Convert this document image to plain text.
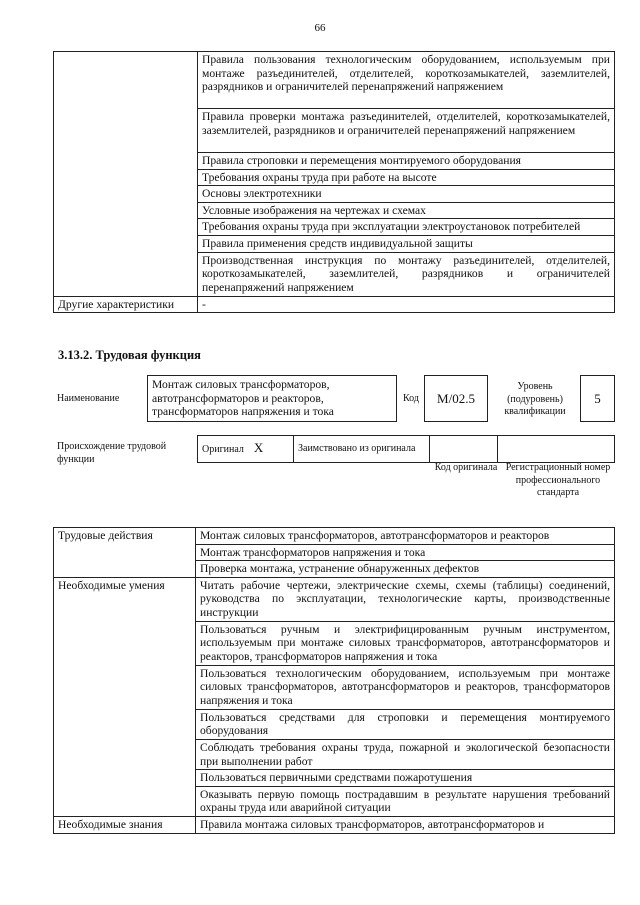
66
	Правила пользования технологическим оборудованием, используемым при монтаже разъединителей, отделителей, короткозамыкателей, заземлителей, разрядников и ограничителей перенапряжений напряжением
	Правила проверки монтажа разъединителей, отделителей, короткозамыкателей, заземлителей, разрядников и ограничителей перенапряжений напряжением
	Правила строповки и перемещения монтируемого оборудования
	Требования охраны труда при работе на высоте
	Основы электротехники
	Условные изображения на чертежах и схемах
	Требования охраны труда при эксплуатации электроустановок потребителей
	Правила применения средств индивидуальной защиты
	Производственная инструкция по монтажу разъединителей, отделителей, короткозамыкателей, заземлителей, разрядников и ограничителей перенапряжений напряжением
Другие характеристики	-
3.13.2. Трудовая функция
Наименование
Монтаж силовых трансформаторов, автотрансформаторов и реакторов, трансформаторов напряжения и тока
Код	М/02.5
Уровень (подуровень) квалификации
5
Происхождение трудовой функции
Оригинал X	Заимствовано из оригинала		
Код оригинала Регистрационный номер профессионального стандарта
Трудовые действия	Монтаж силовых трансформаторов, автотрансформаторов и реакторов
	Монтаж трансформаторов напряжения и тока
	Проверка монтажа, устранение обнаруженных дефектов
Необходимые умения	Читать рабочие чертежи, электрические схемы, схемы (таблицы) соединений, руководства по эксплуатации, технологические карты, производственные инструкции
	Пользоваться ручным и электрифицированным ручным инструментом, используемым при монтаже силовых трансформаторов, автотрансформаторов и реакторов, трансформаторов напряжения и тока
	Пользоваться технологическим оборудованием, используемым при монтаже силовых трансформаторов, автотрансформаторов и реакторов, трансформаторов напряжения и тока
	Пользоваться средствами для строповки и перемещения монтируемого оборудования
	Соблюдать требования охраны труда, пожарной и экологической безопасности при выполнении работ
	Пользоваться первичными средствами пожаротушения
	Оказывать первую помощь пострадавшим в результате нарушения требований охраны труда или аварийной ситуации
Необходимые знания	Правила монтажа силовых трансформаторов, автотрансформаторов и
